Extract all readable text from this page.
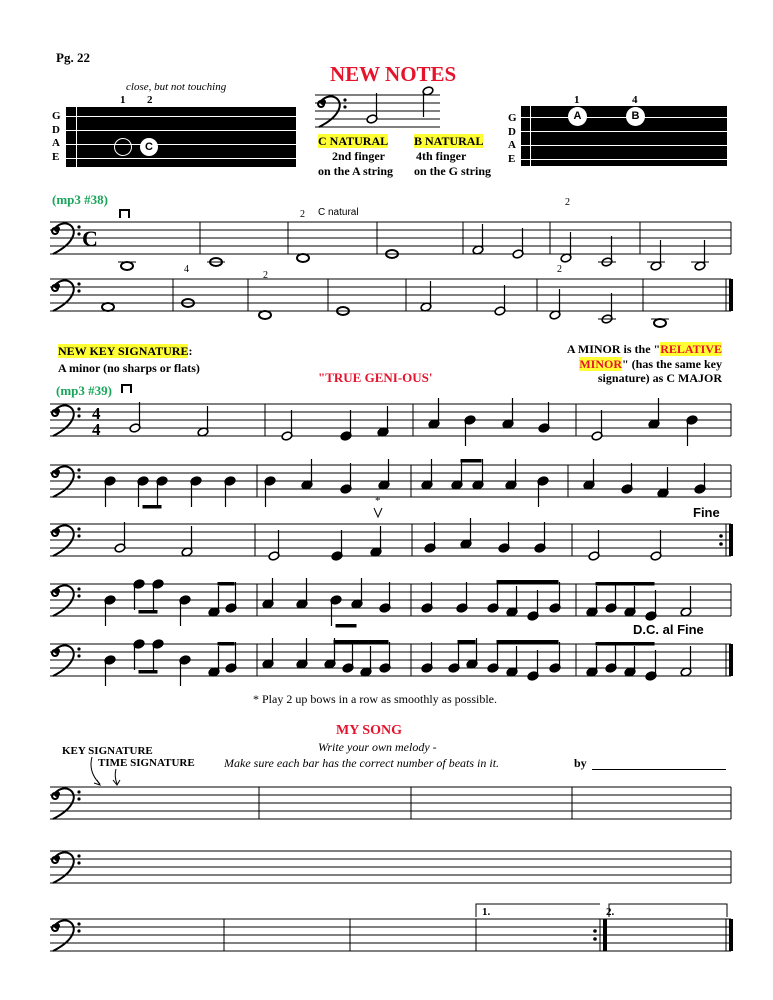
Pg. 22
NEW NOTES
close, but not touching
1 2
G
D
A
E
C
1	4
G
D
A
E
A	B
C NATURAL
2nd finger
on the A string
B NATURAL
4th finger
on the G string
(mp3 #38)
C natural
2
2
4
2
2
NEW KEY SIGNATURE:
A minor (no sharps or flats)
"TRUE GENI-OUS'
A MINOR is the "RELATIVE
MINOR" (has the same key
signature) as C MAJOR
(mp3 #39)
Fine
D.C. al Fine
* Play 2 up bows in a row as smoothly as possible.
MY SONG
Write your own melody -
Make sure each bar has the correct number of beats in it.	by
KEY SIGNATURE
TIME SIGNATURE
1.	2.
C
4
4
*
